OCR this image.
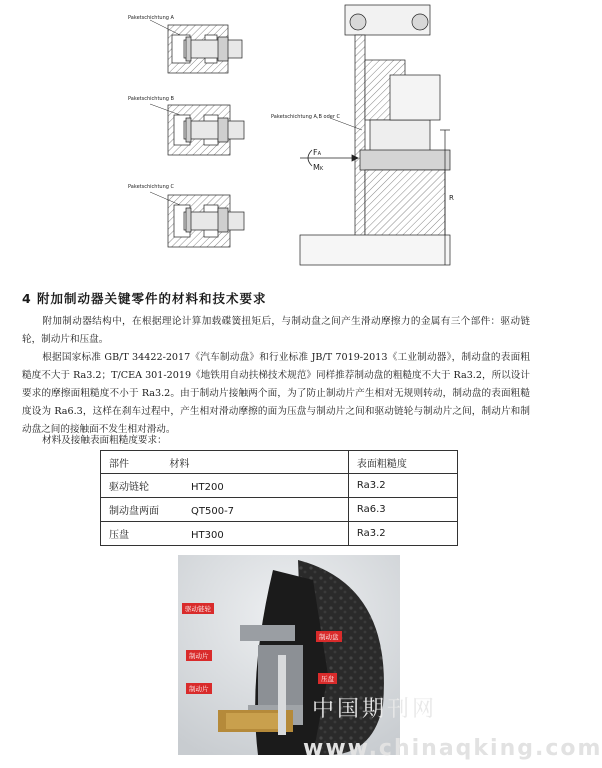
Paketschichtung A
Paketschichtung A,B oder C
FA
MK
R
Paketschichtung B
Paketschichtung C
4 附加制动器关键零件的材料和技术要求
附加制动器结构中，在根据理论计算加载碟簧扭矩后，与制动盘之间产生滑动摩擦力的金属有三个部件：驱动链轮，制动片和压盘。
根据国家标准 GB/T 34422-2017《汽车制动盘》和行业标准 JB/T 7019-2013《工业制动器》，制动盘的表面粗糙度不大于 Ra3.2；T/CEA 301-2019《地铁用自动扶梯技术规范》同样推荐制动盘的粗糙度不大于 Ra3.2，所以设计要求的摩擦面粗糙度不小于 Ra3.2。由于制动片接触两个面，为了防止制动片产生相对无规则转动，制动盘的表面粗糙度设为 Ra6.3，这样在刹车过程中，产生相对滑动摩擦的面为压盘与制动片之间和驱动链轮与制动片之间，制动片和制动盘之间的接触面不发生相对滑动。
材料及接触表面粗糙度要求：
部件 材料	表面粗糙度
驱动链轮 HT200	Ra3.2
制动盘两面 QT500-7	Ra6.3
压盘 HT300	Ra3.2
驱动链轮
制动盘
制动片
制动片
压盘
中国期刊网
www.chinaqking.com
